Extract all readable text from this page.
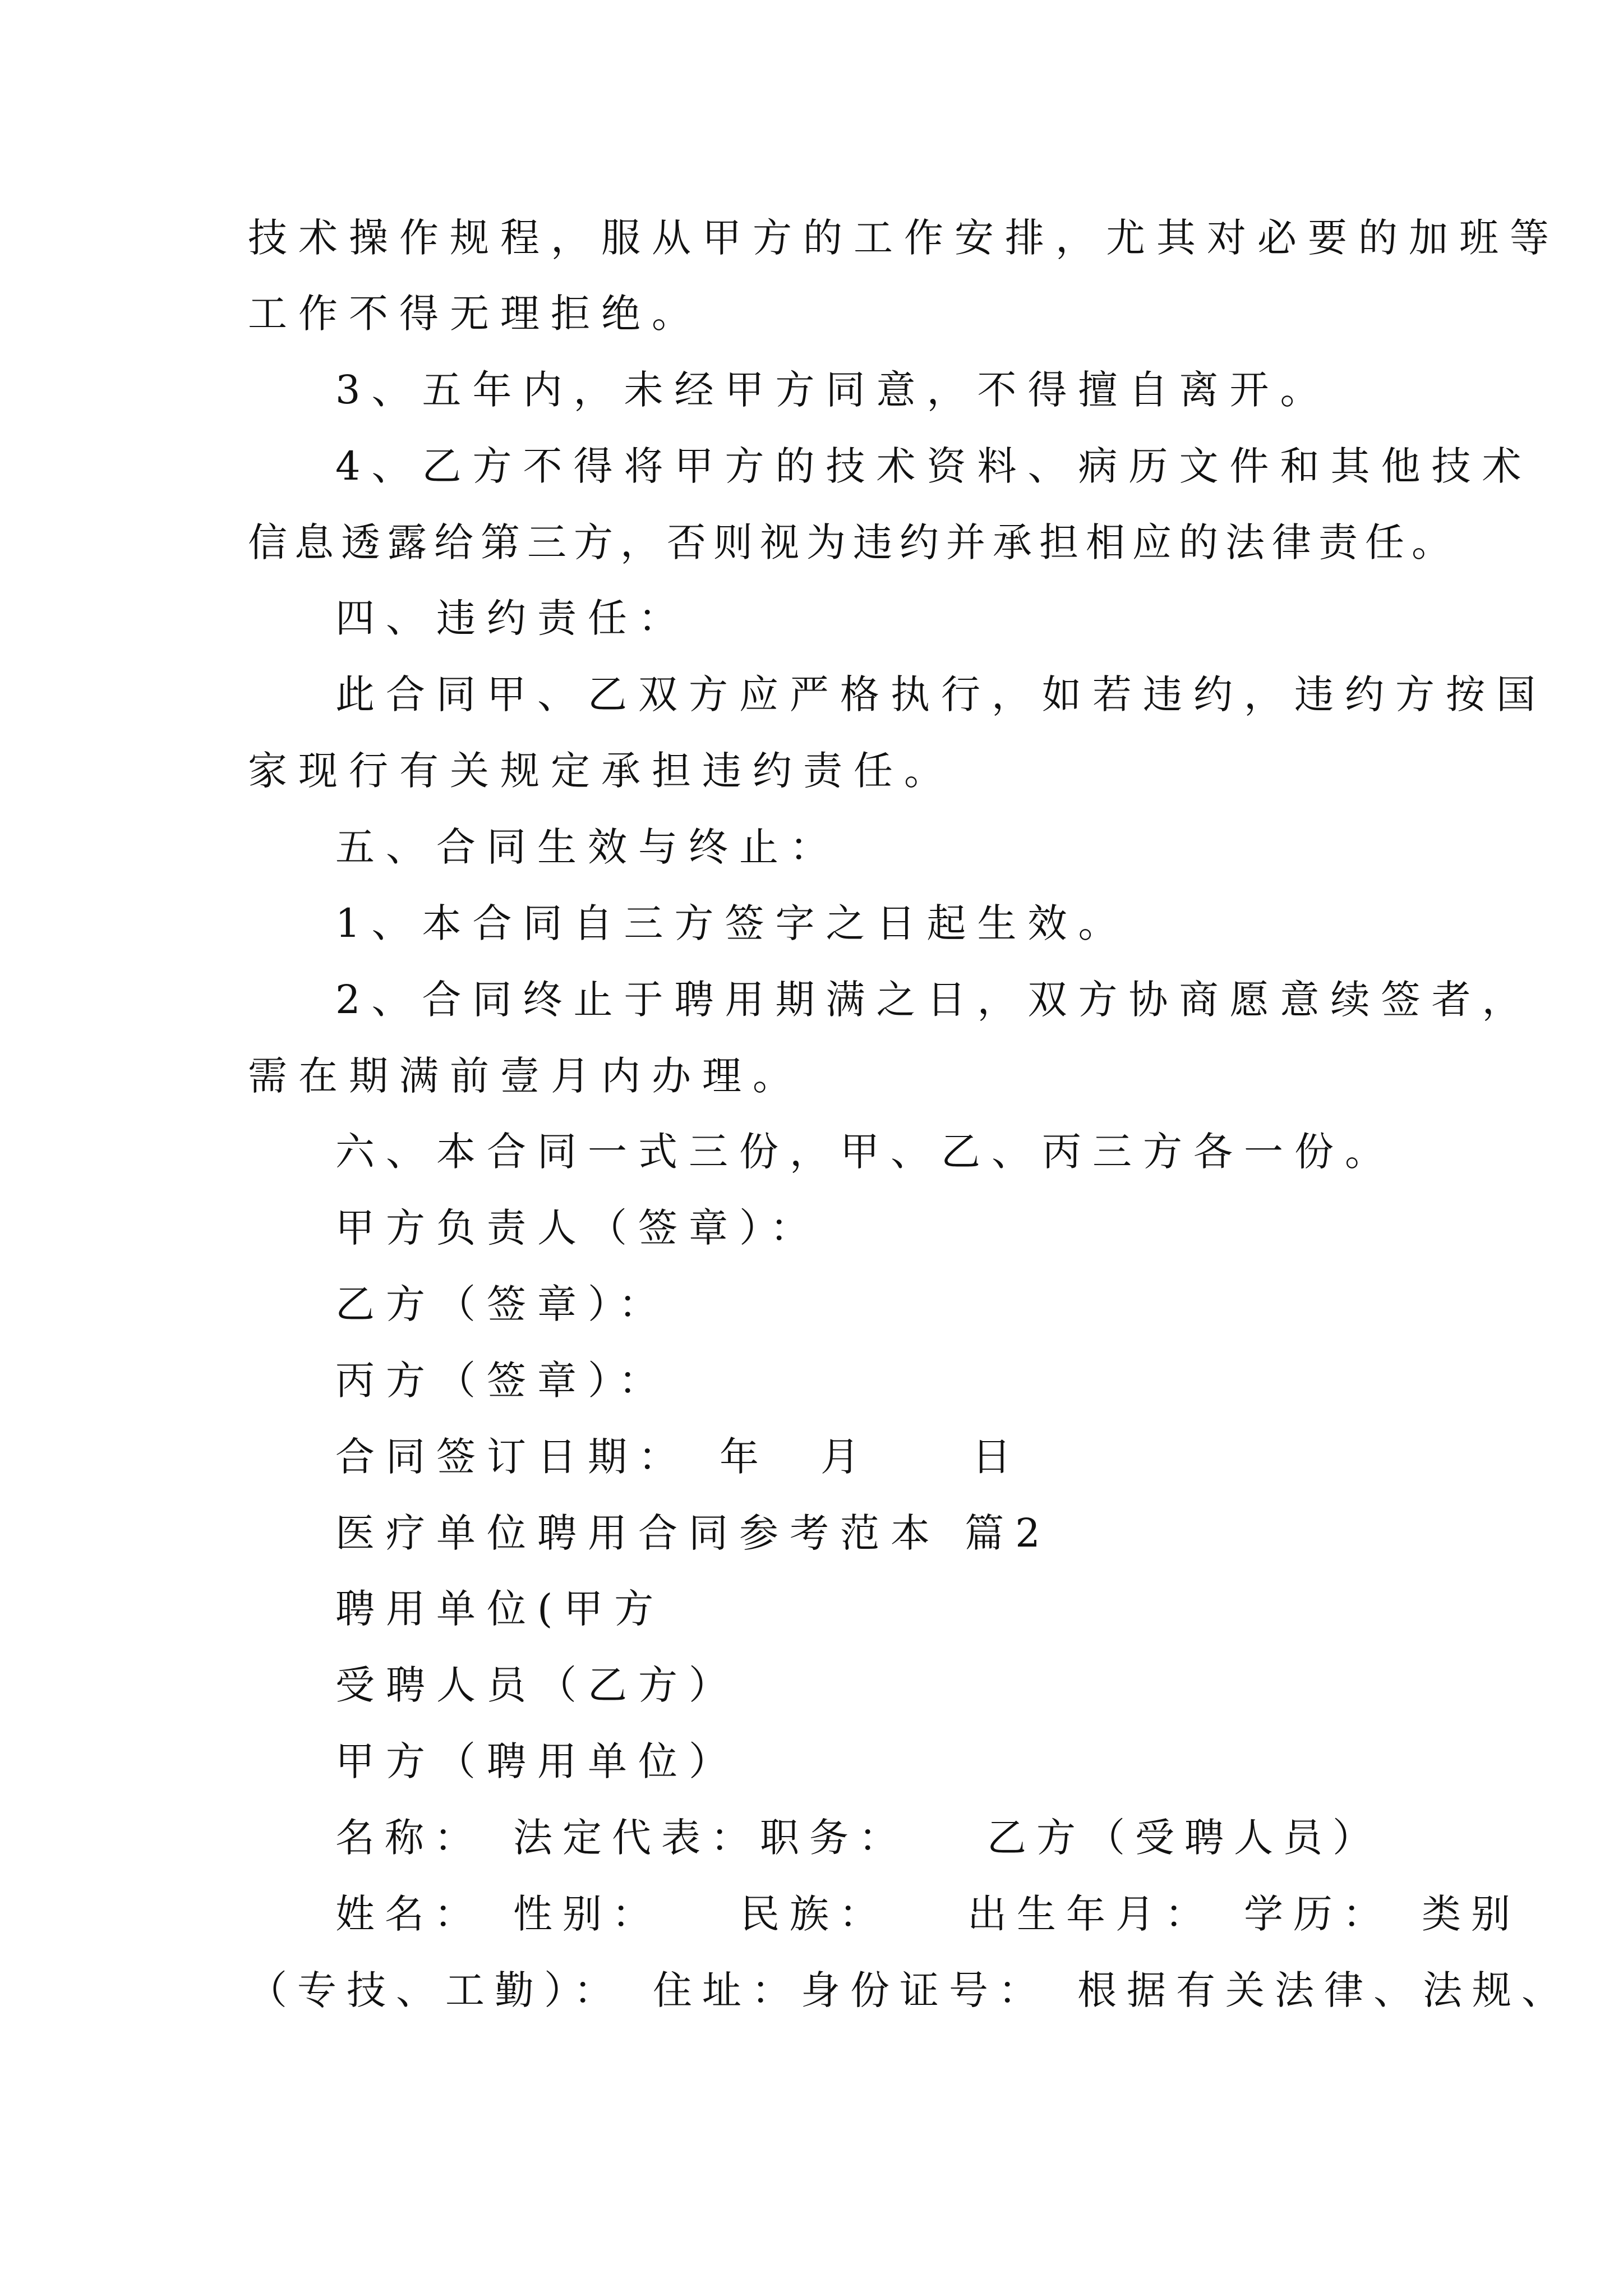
技术操作规程，服从甲方的工作安排，尤其对必要的加班等
工作不得无理拒绝。
3、五年内，未经甲方同意，不得擅自离开。
4、乙方不得将甲方的技术资料、病历文件和其他技术
信息透露给第三方，否则视为违约并承担相应的法律责任。
四、违约责任：
此合同甲、乙双方应严格执行，如若违约，违约方按国
家现行有关规定承担违约责任。
五、合同生效与终止：
1、本合同自三方签字之日起生效。
2、合同终止于聘用期满之日，双方协商愿意续签者，
需在期满前壹月内办理。
六、本合同一式三份，甲、乙、丙三方各一份。
甲方负责人（签章）：
乙方（签章）：
丙方（签章）：
合同签订日期：　年　月　　日
医疗单位聘用合同参考范本 篇2
聘用单位(甲方
受聘人员（乙方）
甲方（聘用单位）
名称：　法定代表：职务：　　乙方（受聘人员）
姓名：　性别：　　民族：　　出生年月：　学历：　类别
（专技、工勤）：　住址：身份证号：　根据有关法律、法规、
